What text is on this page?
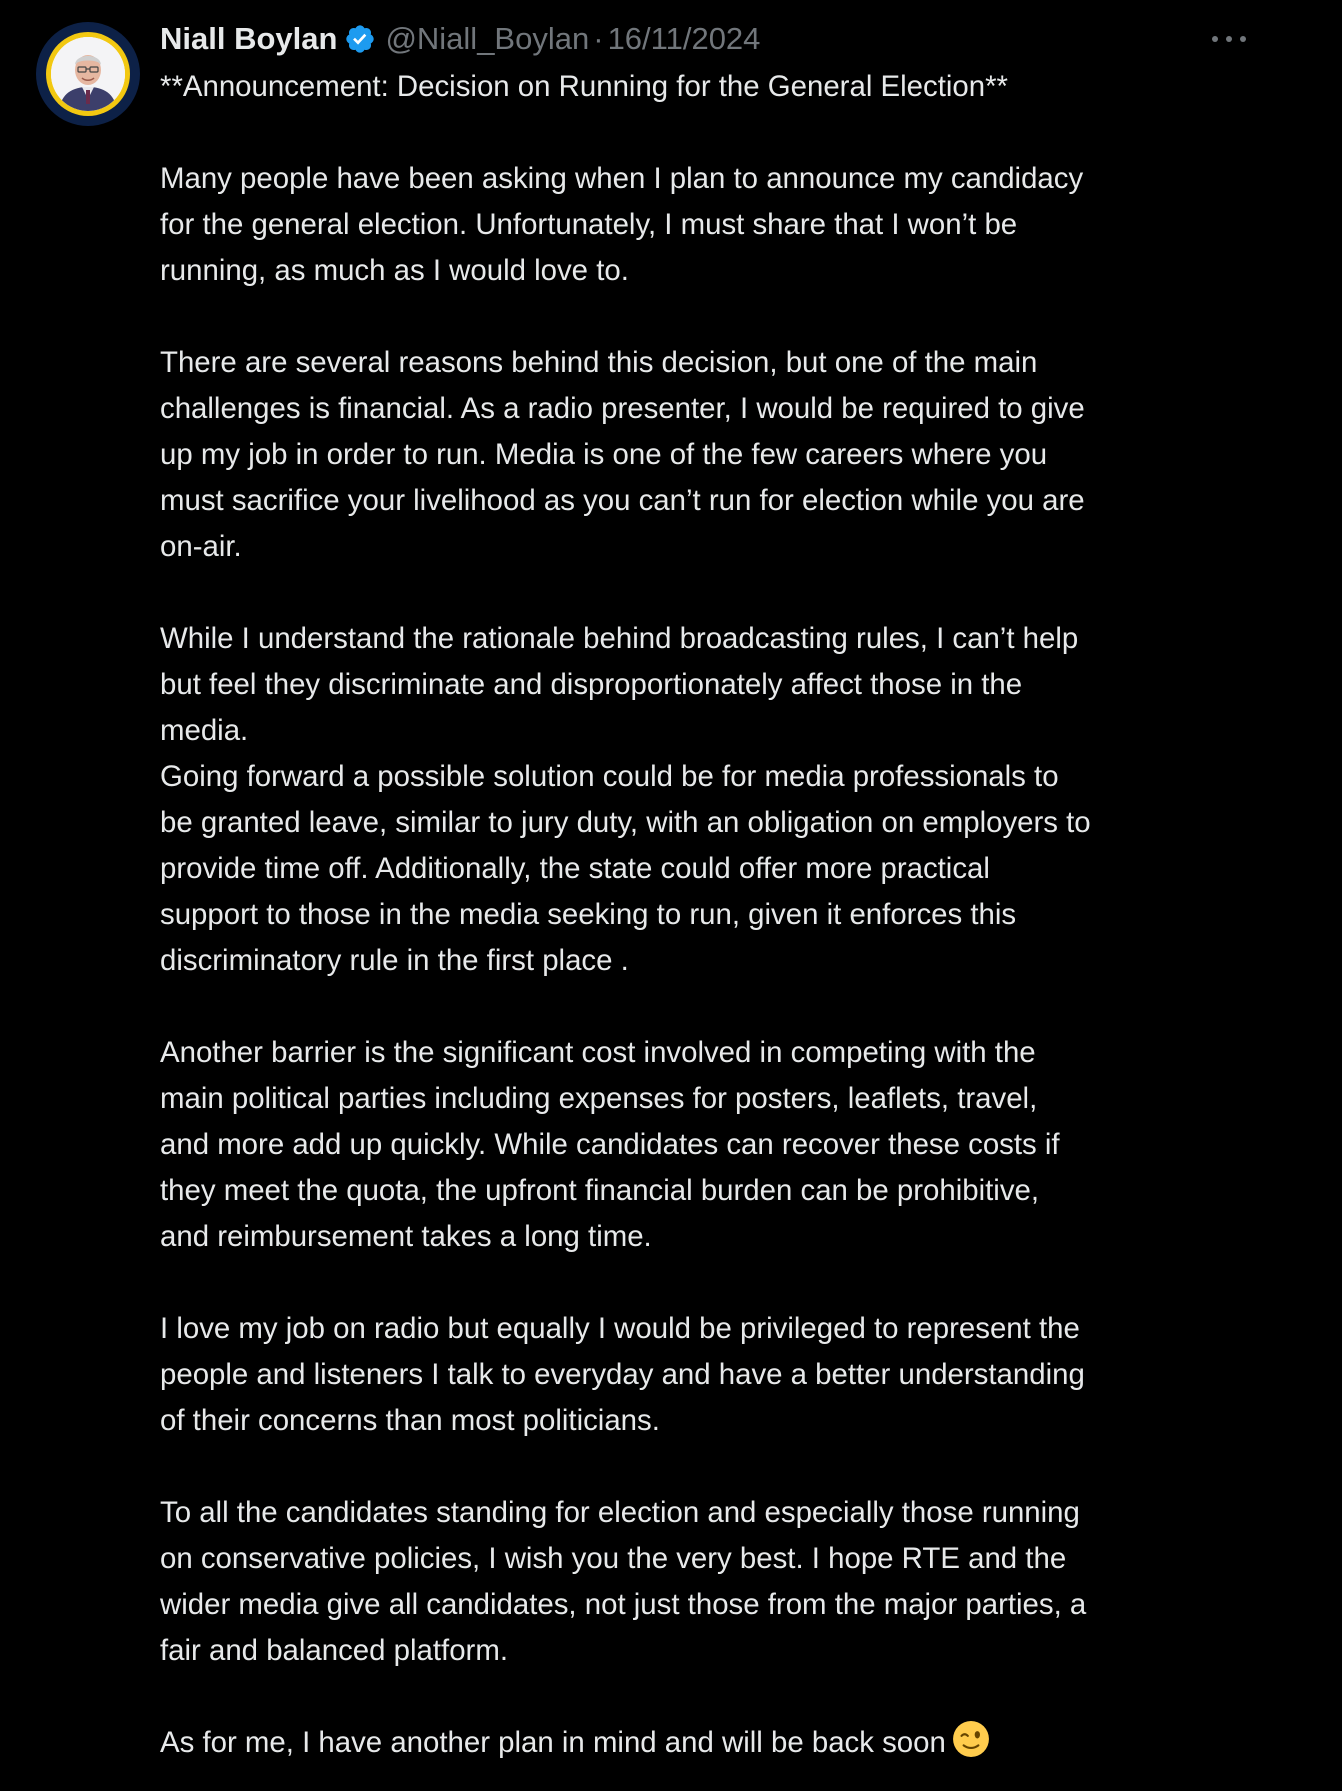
Niall Boylan @Niall_Boylan · 16/11/2024

**Announcement: Decision on Running for the General Election**

Many people have been asking when I plan to announce my candidacy

for the general election. Unfortunately, I must share that I won’t be

running, as much as I would love to.

There are several reasons behind this decision, but one of the main

challenges is financial. As a radio presenter, I would be required to give

up my job in order to run. Media is one of the few careers where you

must sacrifice your livelihood as you can’t run for election while you are

on-air.

While I understand the rationale behind broadcasting rules, I can’t help

but feel they discriminate and disproportionately affect those in the

media.

Going forward a possible solution could be for media professionals to

be granted leave, similar to jury duty, with an obligation on employers to

provide time off. Additionally, the state could offer more practical

support to those in the media seeking to run, given it enforces this

discriminatory rule in the first place .

Another barrier is the significant cost involved in competing with the

main political parties including expenses for posters, leaflets, travel,

and more add up quickly. While candidates can recover these costs if

they meet the quota, the upfront financial burden can be prohibitive,

and reimbursement takes a long time.

I love my job on radio but equally I would be privileged to represent the

people and listeners I talk to everyday and have a better understanding

of their concerns than most politicians.

To all the candidates standing for election and especially those running

on conservative policies, I wish you the very best. I hope RTE and the

wider media give all candidates, not just those from the major parties, a

fair and balanced platform.

As for me, I have another plan in mind and will be back soon
